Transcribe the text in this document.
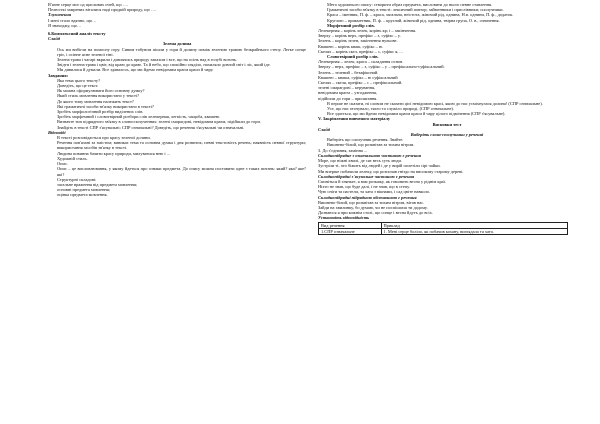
В'язне серце моє од щасливих очей, що ….

Пелюсткі замрених віталися наді продкій природу, що ….

Тлумачення

І мені стало вдячно, що…

Я знаходжу, що…

6.Комплексний аналіз тексту

Слайд

Зелена долина

Ось ми вибігли на помосну гору. Сивим табуном пішли у гори й долину поміж зеленою травою безкрайнього степу. Легке сонце гріє, і осінне ясне зеленої тіні.

Зелена трава і чагарі вкрили і дивлячись природу запахом і все, що на осінь над в голубі вогонь.

Звідти і зелена трава і цвіт, від краю до краю. Та й небо, що спокійно гляділо, нахиляло довгий світ і ліс, який іде.

Ми дивилися й думали. Все здавалось, що ми йдемо невідомим краєм краси й чару.

Завдання:

Яка тема цього тексту?

Доведіть, що це текст.

Як можна сформулювати його основну думку?

Який стиль мовлення використано у тексті?

До якого типу мовлення належить текст?

Які граматичні засоби зв'язку використано в тексті?

Зробіть морфологічний розбір виділених слів.

Зробіть морфемний і словотвірний розбори слів лелекерная, легкість, чащоба, квашею.

Визначте тип підрядного зв'язку в словосполученнях: зелені смарагдові, невідомим краєм, підійшли до гори.

Знайдіть в тексті СПР з'ясувальні; СПР означальні? Доведіть, що речення з'ясувальні чи означальні.

Відповіді

В тексті розповідається про красу зеленої долини.

Речення пов'язані за змістом; виникає тема та основна думка і дня розвиток; певні текстовість речень; наявність певної структури; використання засобів зв'язку в тексті.

Людина повинна бачити красу природи, милуватися нею і ...

Художній стиль.

Опис.

Опис – це висловлювання, у якому йдеться про ознаки предмета. До опису можна поставити одне з таких питань: який? яка? яке? які?

Структурні складові:

загальне враження від предмета мовлення;

основні предмета мовлення;

оцінка предмета мовлення.

Мета художнього опису: створити образ предмета, висловити до нього певне ставлення.

Граматичні засоби зв'язку в тексті: лексичний повтор; займенники і прислівники; сполучники.

Краса – іменник, П. ф. – краса, загальна, неістота, жіночий рід, однина, Н.в. однини, П. ф., додаток.

Круглою – прикметник, П. ф. – круглий, жіночий рід, однина, твірна група, О. в., означення.

Морфемний розбір слів.

Лелекерная – корінь лелек, корінь кр; і – закінчення.

Зверху – корінь верх, префікс – з, суфікс – у.

Зелень – корінь зелен, закінчення нульове.

Квашею – корінь кваш, суфікс – ю.

Скелях – корінь скел, префікс – с, суфікс я, ...

Словотвірний розбір слів.

Лелекерная – лелек, краса – складання основ.

Зверху – верх, префікс – з, суфікс – у – префіксально-суфіксальний.

Зелень – зелений – безафіксний.

Квашею – кваша, суфікс – ю суфіксальний

Скелях – скеля, префікс – с – префіксальний.

зелені смарагдові – керування,

невідомим краєм – узгодження,

підійшли до гори – прилягання.

В перше не сказати, ні словом не сказати цієї невідомою красі, якою до нас усміхнулася долина! (СПР означальне).

Усе, що нас оточувало, тягло та служіло природі, (СПР означальне).

Все здається, що ми йдемо невідомим краєм краси й чару цілого підмічення (СПР з'ясувальне).

V. Закріплення вивченого матеріалу

Висновки тест

Слайд

Виберіть слова-сполучники у реченні

Виберіть що сполучник речення. Знайте.

Вишнево-білий, що розквітав за тихим вітром.

3. До з'єднання, замінна ...

Складнопідрядне з означальною частиною є речення

Море, що ніжні хвилі, де сяє весь суть люди.

Зустріли ті, хто біжить від людей і де у вирій полетіли сірі чайки.

Ми вперше побачили лелеку, що розпочав гніздо на високому старому дереві.

Складнопідрядні з'ясувальне частиною є речення

Спиніться й гляньте, я вам розкажу, як гомонить весна у ріднім краї.

Ніхто не знав, що буде далі, і не знав, що в степу.

Чую сніги та пастели, та хата з вікнами, і сад цвіте навколо.

Складнопідрядні підрядною обставиною є речення

Вишнево-білий, що розквітав за тихим вітром, вітав нас.

Зайди на хвилинку, бо думаю, чи не поспішаєш ти додому.

Дознаюся я при кожнім столі, що сонце і весна йдуть до всіх.

Установіть відповідність

Вид речення	Приклад
1.СПР означальне	1. Мені серце боліло, як побачив кохану, виглядала та хата.
